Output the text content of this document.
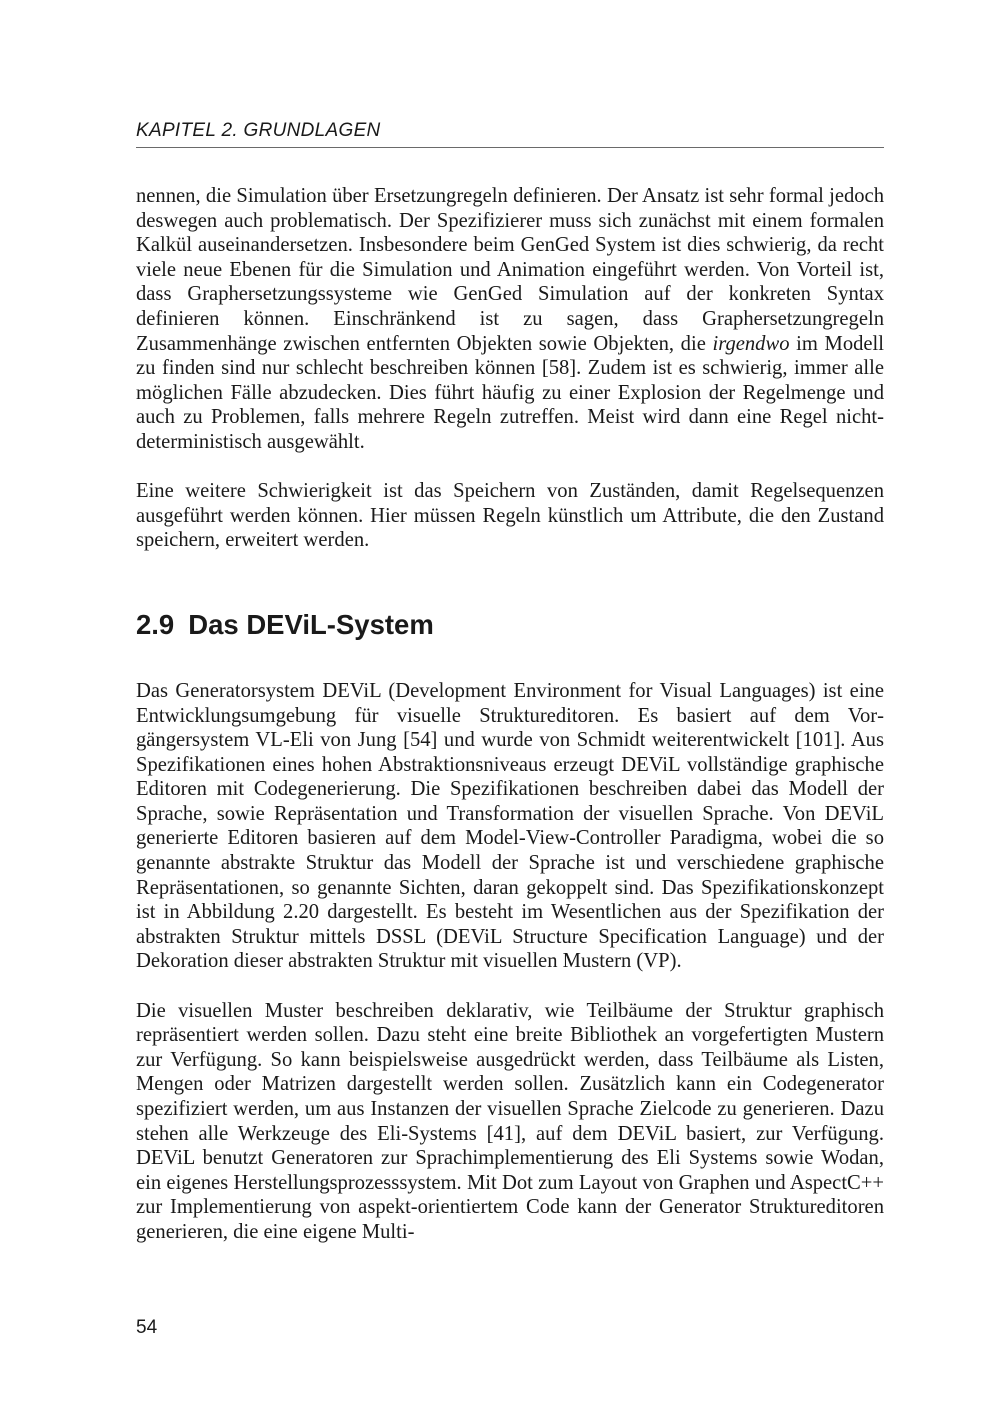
KAPITEL 2. GRUNDLAGEN

nennen, die Simulation über Ersetzungregeln definieren. Der Ansatz ist sehr formal jedoch deswegen auch problematisch. Der Spezifizierer muss sich zunächst mit einem formalen Kalkül auseinandersetzen. Insbesondere beim GenGed System ist dies schwierig, da recht viele neue Ebenen für die Simulation und Animation eingeführt werden. Von Vorteil ist, dass Graphersetzungssysteme wie GenGed Simulation auf der konkreten Syntax definieren können. Einschränkend ist zu sagen, dass Graphersetzungregeln Zusammenhänge zwischen entfernten Objekten sowie Objekten, die irgendwo im Modell zu finden sind nur schlecht beschreiben können [58]. Zudem ist es schwierig, immer alle möglichen Fälle abzudecken. Dies führt häufig zu einer Explosion der Regelmenge und auch zu Problemen, falls mehrere Regeln zutreffen. Meist wird dann eine Regel nicht-deterministisch ausgewählt.

Eine weitere Schwierigkeit ist das Speichern von Zuständen, damit Regelsequenzen ausgeführt werden können. Hier müssen Regeln künstlich um Attribute, die den Zustand speichern, erweitert werden.

2.9 Das DEViL-System

Das Generatorsystem DEViL (Development Environment for Visual Languages) ist eine Entwicklungsumgebung für visuelle Struktureditoren. Es basiert auf dem Vorgängersystem VL-Eli von Jung [54] und wurde von Schmidt weiterentwickelt [101]. Aus Spezifikationen eines hohen Abstraktionsniveaus erzeugt DEViL vollständige graphische Editoren mit Codegenerierung. Die Spezifikationen beschreiben dabei das Modell der Sprache, sowie Repräsentation und Transformation der visuellen Sprache. Von DEViL generierte Editoren basieren auf dem Model-View-Controller Paradigma, wobei die so genannte abstrakte Struktur das Modell der Sprache ist und verschiedene graphische Repräsentationen, so genannte Sichten, daran gekoppelt sind. Das Spezifikationskonzept ist in Abbildung 2.20 dargestellt. Es besteht im Wesentlichen aus der Spezifikation der abstrakten Struktur mittels DSSL (DEViL Structure Specification Language) und der Dekoration dieser abstrakten Struktur mit visuellen Mustern (VP).

Die visuellen Muster beschreiben deklarativ, wie Teilbäume der Struktur graphisch repräsentiert werden sollen. Dazu steht eine breite Bibliothek an vorgefertigten Mustern zur Verfügung. So kann beispielsweise ausgedrückt werden, dass Teilbäume als Listen, Mengen oder Matrizen dargestellt werden sollen. Zusätzlich kann ein Codegenerator spezifiziert werden, um aus Instanzen der visuellen Sprache Zielcode zu generieren. Dazu stehen alle Werkzeuge des Eli-Systems [41], auf dem DEViL basiert, zur Verfügung. DEViL benutzt Generatoren zur Sprachimplementierung des Eli Systems sowie Wodan, ein eigenes Herstellungsprozesssystem. Mit Dot zum Layout von Graphen und AspectC++ zur Implementierung von aspekt-orientiertem Code kann der Generator Struktureditoren generieren, die eine eigene Multi-

54
